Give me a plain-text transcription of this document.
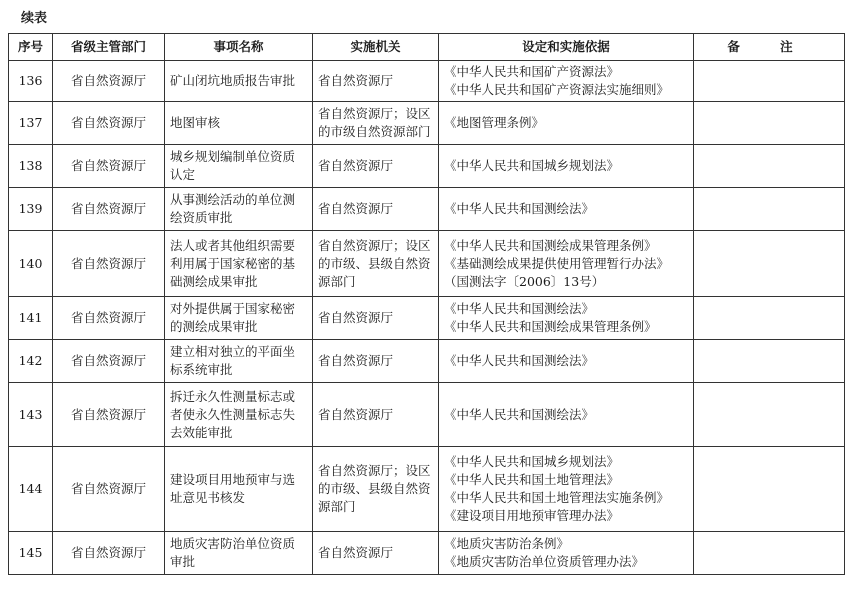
续表
序号	省级主管部门	事项名称	实施机关	设定和实施依据	备 注
136	省自然资源厅	矿山闭坑地质报告审批	省自然资源厅	《中华人民共和国矿产资源法》
《中华人民共和国矿产资源法实施细则》	

137	省自然资源厅	地图审核	省自然资源厅；设区的市级自然资源部门	《地图管理条例》	

138	省自然资源厅	城乡规划编制单位资质认定	省自然资源厅	《中华人民共和国城乡规划法》	

139	省自然资源厅	从事测绘活动的单位测绘资质审批	省自然资源厅	《中华人民共和国测绘法》	

140	省自然资源厅	法人或者其他组织需要利用属于国家秘密的基础测绘成果审批	省自然资源厅；设区的市级、县级自然资源部门	《中华人民共和国测绘成果管理条例》
《基础测绘成果提供使用管理暂行办法》
（国测法字〔2006〕13号）	

141	省自然资源厅	对外提供属于国家秘密的测绘成果审批	省自然资源厅	《中华人民共和国测绘法》
《中华人民共和国测绘成果管理条例》	

142	省自然资源厅	建立相对独立的平面坐标系统审批	省自然资源厅	《中华人民共和国测绘法》	

143	省自然资源厅	拆迁永久性测量标志或者使永久性测量标志失去效能审批	省自然资源厅	《中华人民共和国测绘法》	

144	省自然资源厅	建设项目用地预审与选址意见书核发	省自然资源厅；设区的市级、县级自然资源部门	《中华人民共和国城乡规划法》
《中华人民共和国土地管理法》
《中华人民共和国土地管理法实施条例》
《建设项目用地预审管理办法》	

145	省自然资源厅	地质灾害防治单位资质审批	省自然资源厅	《地质灾害防治条例》
《地质灾害防治单位资质管理办法》	
